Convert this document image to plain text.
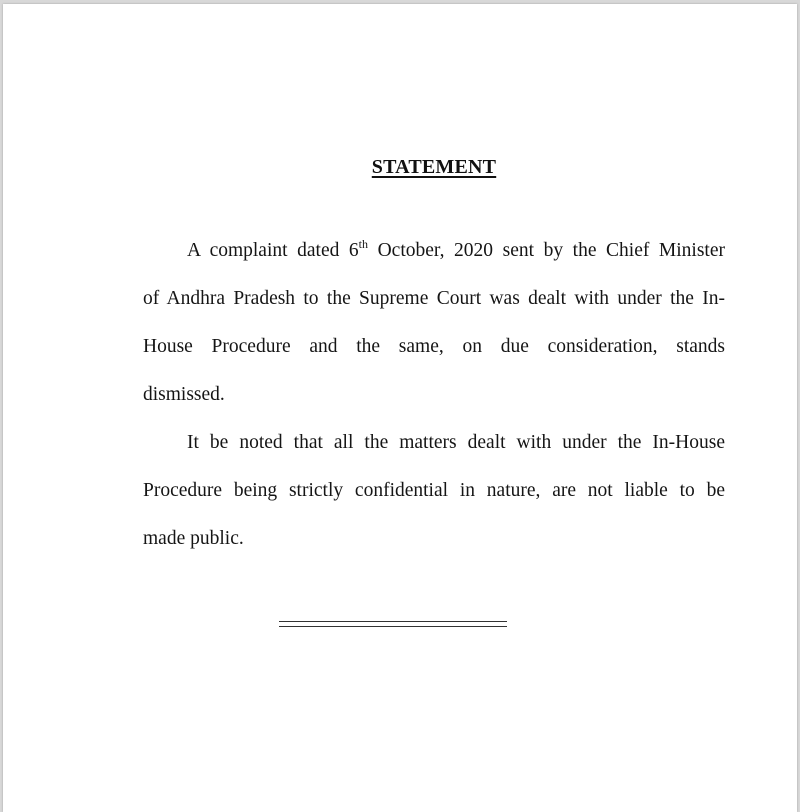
STATEMENT
A complaint dated 6th October, 2020 sent by the Chief Minister
of Andhra Pradesh to the Supreme Court was dealt with under the In-
House Procedure and the same, on due consideration, stands
dismissed.
It be noted that all the matters dealt with under the In-House
Procedure being strictly confidential in nature, are not liable to be
made public.
